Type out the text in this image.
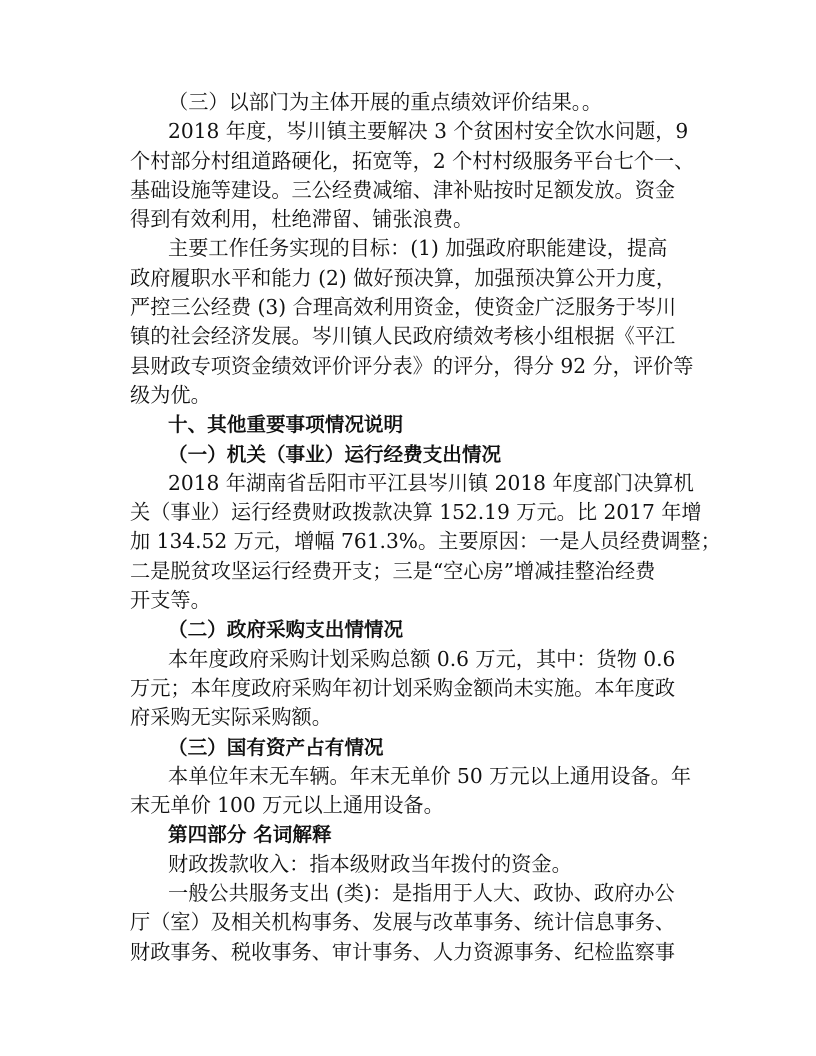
（三）以部门为主体开展的重点绩效评价结果。。
2018 年度，岑川镇主要解决 3 个贫困村安全饮水问题，9
个村部分村组道路硬化，拓宽等，2 个村村级服务平台七个一、
基础设施等建设。三公经费减缩、津补贴按时足额发放。资金
得到有效利用，杜绝滞留、铺张浪费。
主要工作任务实现的目标：(1) 加强政府职能建设，提高
政府履职水平和能力 (2) 做好预决算，加强预决算公开力度，
严控三公经费 (3) 合理高效利用资金，使资金广泛服务于岑川
镇的社会经济发展。岑川镇人民政府绩效考核小组根据《平江
县财政专项资金绩效评价评分表》的评分，得分 92 分，评价等
级为优。
十、其他重要事项情况说明
（一）机关（事业）运行经费支出情况
2018 年湖南省岳阳市平江县岑川镇 2018 年度部门决算机
关（事业）运行经费财政拨款决算 152.19 万元。比 2017 年增
加 134.52 万元，增幅 761.3%。主要原因：一是人员经费调整；
二是脱贫攻坚运行经费开支；三是“空心房”增减挂整治经费
开支等。
（二）政府采购支出情情况
本年度政府采购计划采购总额 0.6 万元，其中：货物 0.6
万元；本年度政府采购年初计划采购金额尚未实施。本年度政
府采购无实际采购额。
（三）国有资产占有情况
本单位年末无车辆。年末无单价 50 万元以上通用设备。年
末无单价 100 万元以上通用设备。
第四部分 名词解释
财政拨款收入：指本级财政当年拨付的资金。
一般公共服务支出 (类)：是指用于人大、政协、政府办公
厅（室）及相关机构事务、发展与改革事务、统计信息事务、
财政事务、税收事务、审计事务、人力资源事务、纪检监察事
